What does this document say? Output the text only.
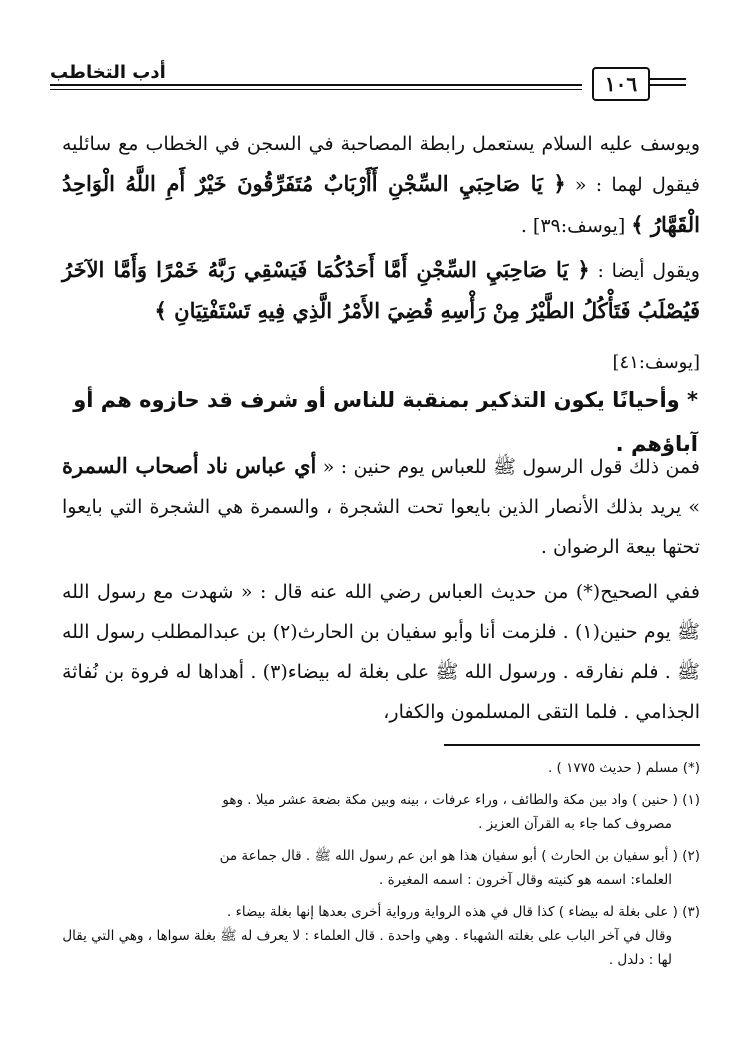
أدب التخاطب	١٠٦
ويوسف عليه السلام يستعمل رابطة المصاحبة في السجن في الخطاب مع سائليه فيقول لهما : « ﴿ يَا صَاحِبَيِ السِّجْنِ أَأَرْبَابٌ مُتَفَرِّقُونَ خَيْرٌ أَمِ اللَّهُ الْوَاحِدُ الْقَهَّارُ ﴾ [يوسف:٣٩] .
ويقول أيضا : ﴿ يَا صَاحِبَيِ السِّجْنِ أَمَّا أَحَدُكُمَا فَيَسْقِي رَبَّهُ خَمْرًا وَأَمَّا الآخَرُ فَيُصْلَبُ فَتَأْكُلُ الطَّيْرُ مِنْ رَأْسِهِ قُضِيَ الأَمْرُ الَّذِي فِيهِ تَسْتَفْتِيَانِ ﴾
[يوسف:٤١]
* وأحيانًا يكون التذكير بمنقبة للناس أو شرف قد حازوه هم أو آباؤهم .
فمن ذلك قول الرسول ﷺ للعباس يوم حنين : « أي عباس ناد أصحاب السمرة » يريد بذلك الأنصار الذين بايعوا تحت الشجرة ، والسمرة هي الشجرة التي بايعوا تحتها بيعة الرضوان .
ففي الصحيح(*) من حديث العباس رضي الله عنه قال : « شهدت مع رسول الله ﷺ يوم حنين(١) . فلزمت أنا وأبو سفيان بن الحارث(٢) بن عبدالمطلب رسول الله ﷺ . فلم نفارقه . ورسول الله ﷺ على بغلة له بيضاء(٣) . أهداها له فروة بن نُفاثة الجذامي . فلما التقى المسلمون والكفار،
(*) مسلم ( حديث ١٧٧٥ ) .
(١) ( حنين ) واد بين مكة والطائف ، وراء عرفات ، بينه وبين مكة بضعة عشر ميلا . وهو
مصروف كما جاء به القرآن العزيز .
(٢) ( أبو سفيان بن الحارث ) أبو سفيان هذا هو ابن عم رسول الله ﷺ . قال جماعة من
العلماء: اسمه هو كنيته وقال آخرون : اسمه المغيرة .
(٣) ( على بغلة له بيضاء ) كذا قال في هذه الرواية ورواية أخرى بعدها إنها بغلة بيضاء .
وقال في آخر الباب على بغلته الشهباء . وهي واحدة . قال العلماء : لا يعرف له ﷺ بغلة سواها ، وهي التي يقال لها : دلدل .
